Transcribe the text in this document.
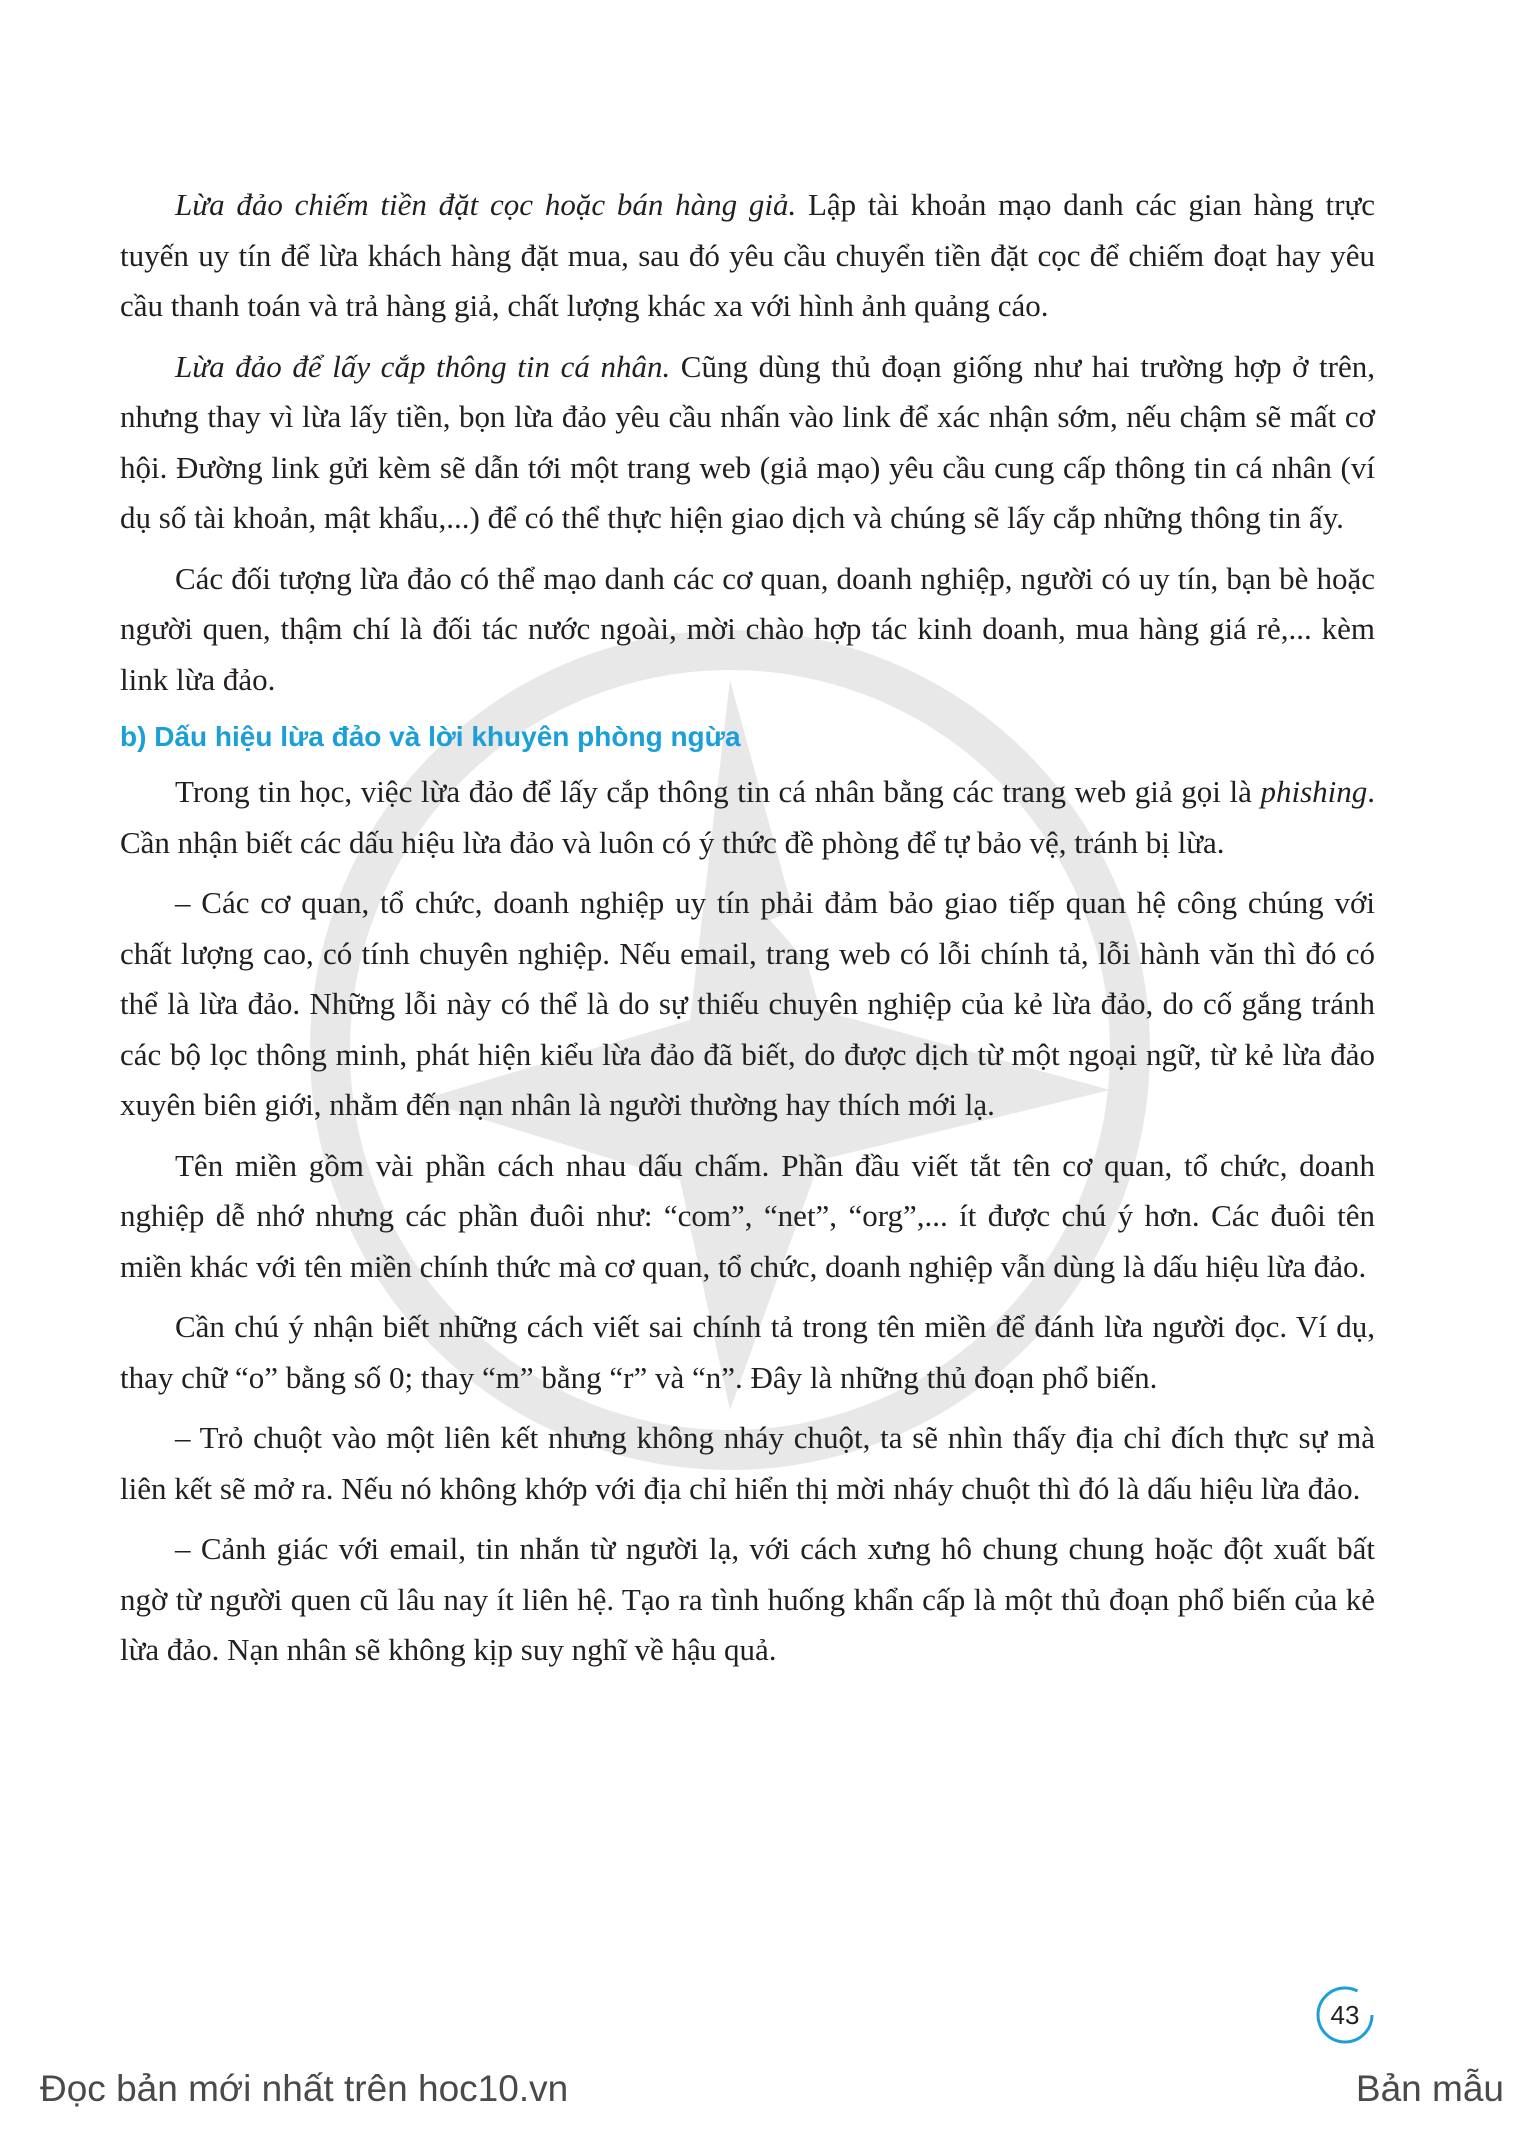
Lừa đảo chiếm tiền đặt cọc hoặc bán hàng giả. Lập tài khoản mạo danh các gian hàng trực tuyến uy tín để lừa khách hàng đặt mua, sau đó yêu cầu chuyển tiền đặt cọc để chiếm đoạt hay yêu cầu thanh toán và trả hàng giả, chất lượng khác xa với hình ảnh quảng cáo.

Lừa đảo để lấy cắp thông tin cá nhân. Cũng dùng thủ đoạn giống như hai trường hợp ở trên, nhưng thay vì lừa lấy tiền, bọn lừa đảo yêu cầu nhấn vào link để xác nhận sớm, nếu chậm sẽ mất cơ hội. Đường link gửi kèm sẽ dẫn tới một trang web (giả mạo) yêu cầu cung cấp thông tin cá nhân (ví dụ số tài khoản, mật khẩu,...) để có thể thực hiện giao dịch và chúng sẽ lấy cắp những thông tin ấy.

Các đối tượng lừa đảo có thể mạo danh các cơ quan, doanh nghiệp, người có uy tín, bạn bè hoặc người quen, thậm chí là đối tác nước ngoài, mời chào hợp tác kinh doanh, mua hàng giá rẻ,... kèm link lừa đảo.

b) Dấu hiệu lừa đảo và lời khuyên phòng ngừa

Trong tin học, việc lừa đảo để lấy cắp thông tin cá nhân bằng các trang web giả gọi là phishing. Cần nhận biết các dấu hiệu lừa đảo và luôn có ý thức đề phòng để tự bảo vệ, tránh bị lừa.

– Các cơ quan, tổ chức, doanh nghiệp uy tín phải đảm bảo giao tiếp quan hệ công chúng với chất lượng cao, có tính chuyên nghiệp. Nếu email, trang web có lỗi chính tả, lỗi hành văn thì đó có thể là lừa đảo. Những lỗi này có thể là do sự thiếu chuyên nghiệp của kẻ lừa đảo, do cố gắng tránh các bộ lọc thông minh, phát hiện kiểu lừa đảo đã biết, do được dịch từ một ngoại ngữ, từ kẻ lừa đảo xuyên biên giới, nhằm đến nạn nhân là người thường hay thích mới lạ.

Tên miền gồm vài phần cách nhau dấu chấm. Phần đầu viết tắt tên cơ quan, tổ chức, doanh nghiệp dễ nhớ nhưng các phần đuôi như: “com”, “net”, “org”,... ít được chú ý hơn. Các đuôi tên miền khác với tên miền chính thức mà cơ quan, tổ chức, doanh nghiệp vẫn dùng là dấu hiệu lừa đảo.

Cần chú ý nhận biết những cách viết sai chính tả trong tên miền để đánh lừa người đọc. Ví dụ, thay chữ “o” bằng số 0; thay “m” bằng “r” và “n”. Đây là những thủ đoạn phổ biến.

– Trỏ chuột vào một liên kết nhưng không nháy chuột, ta sẽ nhìn thấy địa chỉ đích thực sự mà liên kết sẽ mở ra. Nếu nó không khớp với địa chỉ hiển thị mời nháy chuột thì đó là dấu hiệu lừa đảo.

– Cảnh giác với email, tin nhắn từ người lạ, với cách xưng hô chung chung hoặc đột xuất bất ngờ từ người quen cũ lâu nay ít liên hệ. Tạo ra tình huống khẩn cấp là một thủ đoạn phổ biến của kẻ lừa đảo. Nạn nhân sẽ không kịp suy nghĩ về hậu quả.

43
Đọc bản mới nhất trên hoc10.vn	Bản mẫu
